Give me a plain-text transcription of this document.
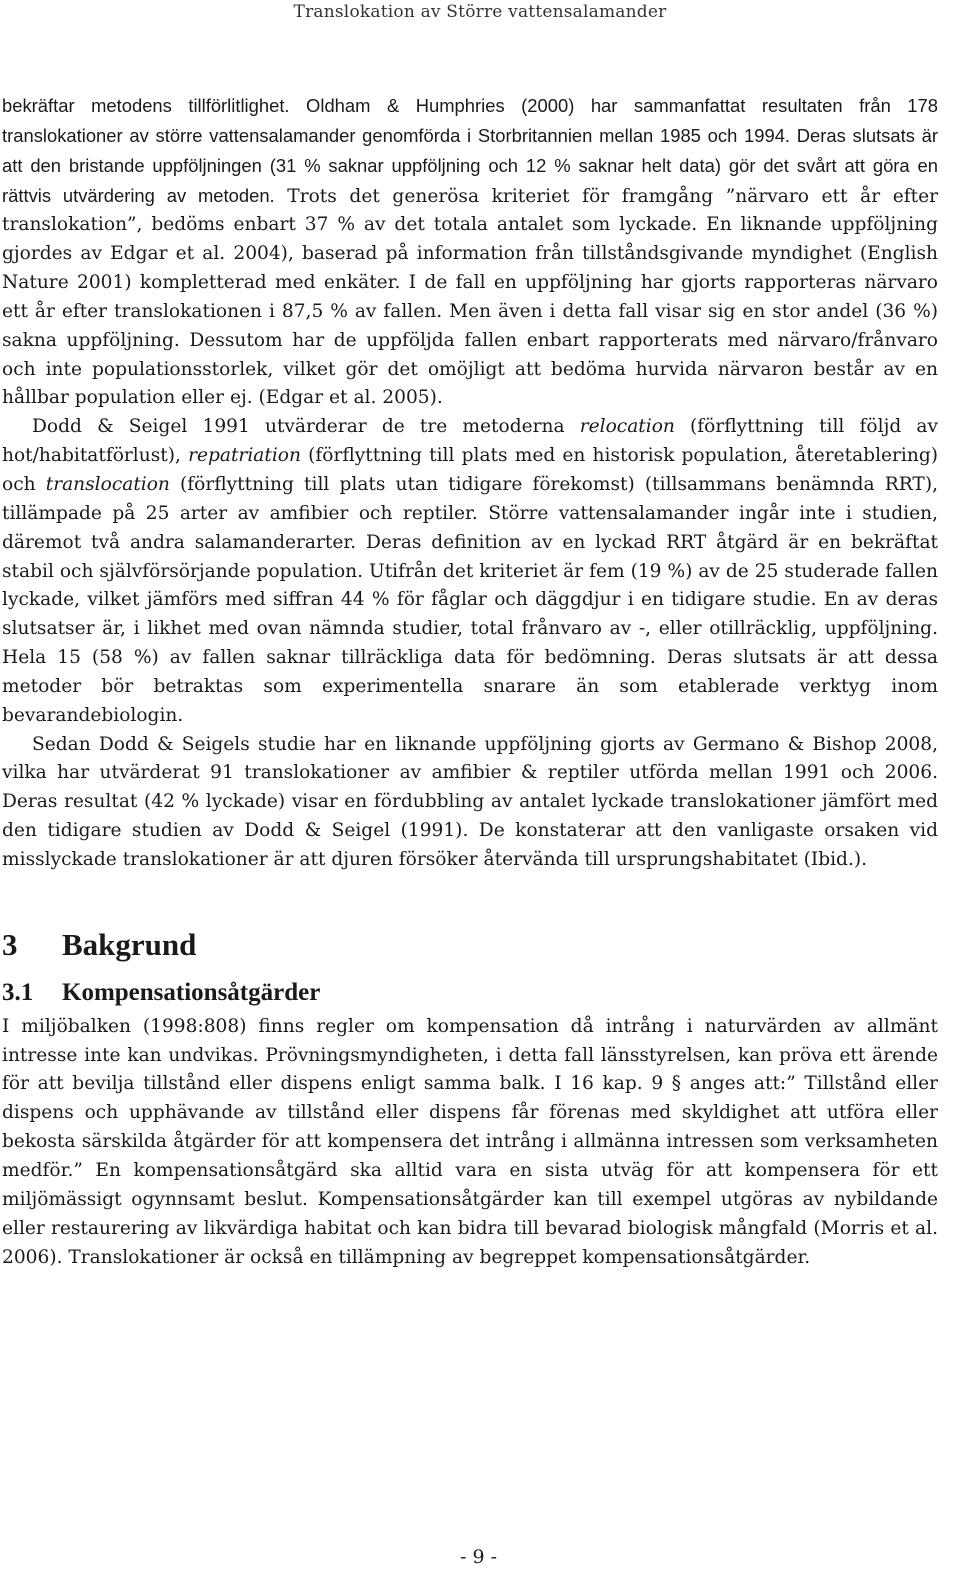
Translokation av Större vattensalamander

bekräftar metodens tillförlitlighet. Oldham & Humphries (2000) har sammanfattat resultaten från 178 translokationer av större vattensalamander genomförda i Storbritannien mellan 1985 och 1994. Deras slutsats är att den bristande uppföljningen (31 % saknar uppföljning och 12 % saknar helt data) gör det svårt att göra en rättvis utvärdering av metoden. Trots det generösa kriteriet för framgång ”närvaro ett år efter translokation”, bedöms enbart 37 % av det totala antalet som lyckade. En liknande uppföljning gjordes av Edgar et al. 2004), baserad på information från tillståndsgivande myndighet (English Nature 2001) kompletterad med enkäter. I de fall en uppföljning har gjorts rapporteras närvaro ett år efter translokationen i 87,5 % av fallen. Men även i detta fall visar sig en stor andel (36 %) sakna uppföljning. Dessutom har de uppföljda fallen enbart rapporterats med närvaro/frånvaro och inte populationsstorlek, vilket gör det omöjligt att bedöma hurvida närvaron består av en hållbar population eller ej. (Edgar et al. 2005).

Dodd & Seigel 1991 utvärderar de tre metoderna relocation (förflyttning till följd av hot/habitatförlust), repatriation (förflyttning till plats med en historisk population, återetablering) och translocation (förflyttning till plats utan tidigare förekomst) (tillsammans benämnda RRT), tillämpade på 25 arter av amfibier och reptiler. Större vattensalamander ingår inte i studien, däremot två andra salamanderarter. Deras definition av en lyckad RRT åtgärd är en bekräftat stabil och självförsörjande population. Utifrån det kriteriet är fem (19 %) av de 25 studerade fallen lyckade, vilket jämförs med siffran 44 % för fåglar och däggdjur i en tidigare studie. En av deras slutsatser är, i likhet med ovan nämnda studier, total frånvaro av -, eller otillräcklig, uppföljning. Hela 15 (58 %) av fallen saknar tillräckliga data för bedömning. Deras slutsats är att dessa metoder bör betraktas som experimentella snarare än som etablerade verktyg inom bevarandebiologin.

Sedan Dodd & Seigels studie har en liknande uppföljning gjorts av Germano & Bishop 2008, vilka har utvärderat 91 translokationer av amfibier & reptiler utförda mellan 1991 och 2006. Deras resultat (42 % lyckade) visar en fördubbling av antalet lyckade translokationer jämfört med den tidigare studien av Dodd & Seigel (1991). De konstaterar att den vanligaste orsaken vid misslyckade translokationer är att djuren försöker återvända till ursprungshabitatet (Ibid.).

3 Bakgrund
3.1 Kompensationsåtgärder

I miljöbalken (1998:808) finns regler om kompensation då intrång i naturvärden av allmänt intresse inte kan undvikas. Prövningsmyndigheten, i detta fall länsstyrelsen, kan pröva ett ärende för att bevilja tillstånd eller dispens enligt samma balk. I 16 kap. 9 § anges att:” Tillstånd eller dispens och upphävande av tillstånd eller dispens får förenas med skyldighet att utföra eller bekosta särskilda åtgärder för att kompensera det intrång i allmänna intressen som verksamheten medför.” En kompensationsåtgärd ska alltid vara en sista utväg för att kompensera för ett miljömässigt ogynnsamt beslut. Kompensationsåtgärder kan till exempel utgöras av nybildande eller restaurering av likvärdiga habitat och kan bidra till bevarad biologisk mångfald (Morris et al. 2006). Translokationer är också en tillämpning av begreppet kompensationsåtgärder.

- 9 -
